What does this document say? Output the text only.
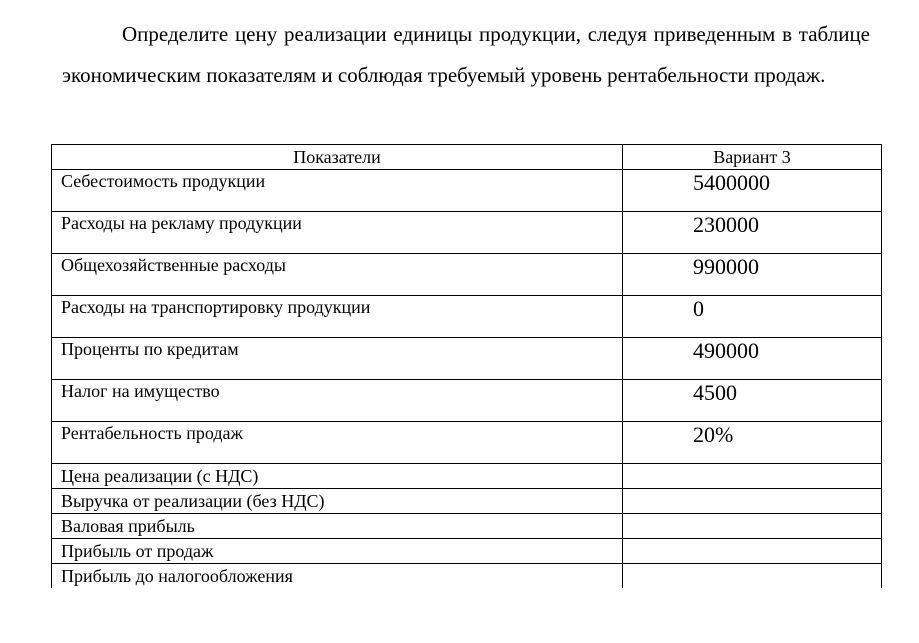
Определите цену реализации единицы продукции, следуя приведенным в таблице экономическим показателям и соблюдая требуемый уровень рентабельности продаж.

Показатели	Вариант 3
Себестоимость продукции	5400000
Расходы на рекламу продукции	230000
Общехозяйственные расходы	990000
Расходы на транспортировку продукции	0
Проценты по кредитам	490000
Налог на имущество	4500
Рентабельность продаж	20%
Цена реализации (с НДС)	
Выручка от реализации (без НДС)	
Валовая прибыль	
Прибыль от продаж	
Прибыль до налогообложения	
